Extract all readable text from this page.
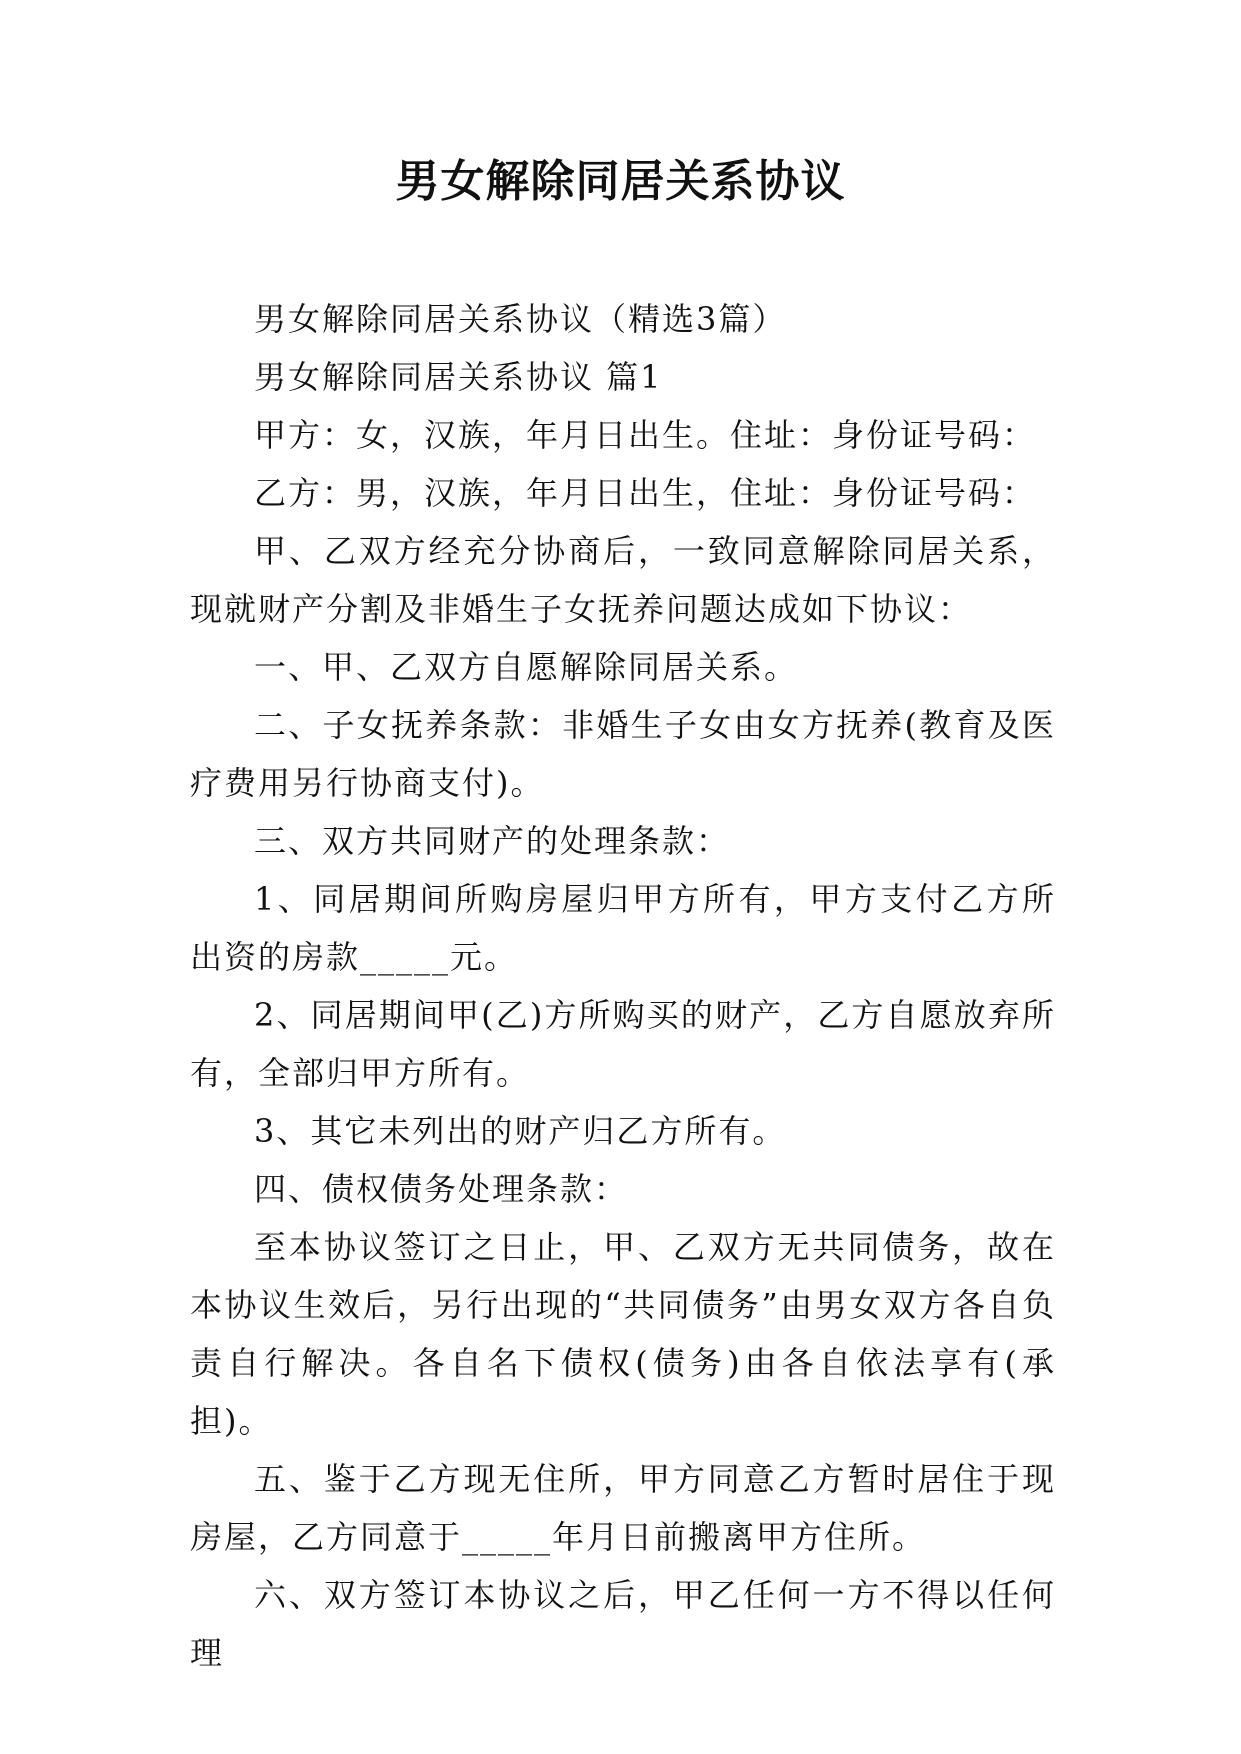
男女解除同居关系协议

男女解除同居关系协议（精选3篇）

男女解除同居关系协议 篇1

甲方：女，汉族，年月日出生。住址：身份证号码：

乙方：男，汉族，年月日出生，住址：身份证号码：

甲、乙双方经充分协商后，一致同意解除同居关系，现就财产分割及非婚生子女抚养问题达成如下协议：

一、甲、乙双方自愿解除同居关系。

二、子女抚养条款：非婚生子女由女方抚养(教育及医疗费用另行协商支付)。

三、双方共同财产的处理条款：

1、同居期间所购房屋归甲方所有，甲方支付乙方所出资的房款_____元。

2、同居期间甲(乙)方所购买的财产，乙方自愿放弃所有，全部归甲方所有。

3、其它未列出的财产归乙方所有。

四、债权债务处理条款：

至本协议签订之日止，甲、乙双方无共同债务，故在本协议生效后，另行出现的“共同债务”由男女双方各自负责自行解决。各自名下债权(债务)由各自依法享有(承担)。

五、鉴于乙方现无住所，甲方同意乙方暂时居住于现房屋，乙方同意于_____年月日前搬离甲方住所。

六、双方签订本协议之后，甲乙任何一方不得以任何理
